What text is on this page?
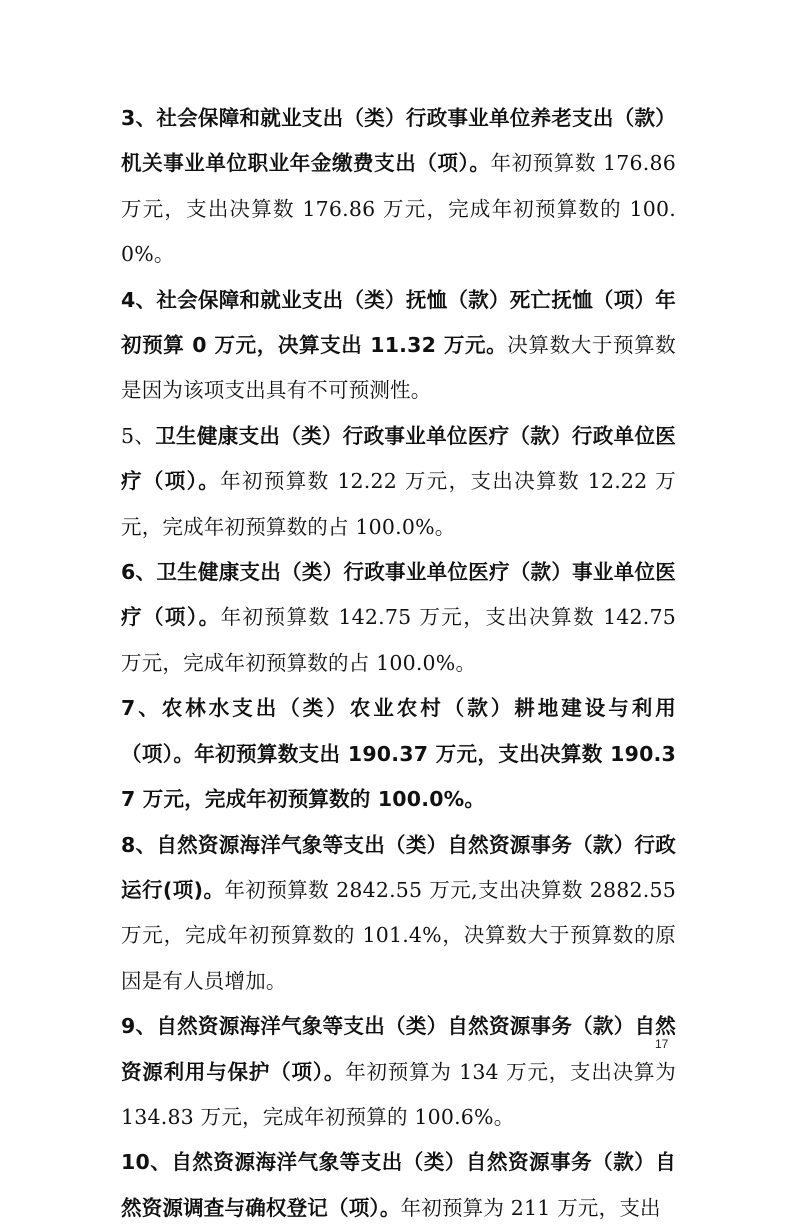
3、社会保障和就业支出（类）行政事业单位养老支出（款）机关事业单位职业年金缴费支出（项）。年初预算数 176.86 万元，支出决算数 176.86 万元，完成年初预算数的 100.0%。

4、社会保障和就业支出（类）抚恤（款）死亡抚恤（项）年初预算 0 万元，决算支出 11.32 万元。决算数大于预算数是因为该项支出具有不可预测性。

5、卫生健康支出（类）行政事业单位医疗（款）行政单位医疗（项）。年初预算数 12.22 万元，支出决算数 12.22 万元，完成年初预算数的占 100.0%。

6、卫生健康支出（类）行政事业单位医疗（款）事业单位医疗（项）。年初预算数 142.75 万元，支出决算数 142.75 万元，完成年初预算数的占 100.0%。

7、农林水支出（类）农业农村（款）耕地建设与利用（项）。年初预算数支出 190.37 万元，支出决算数 190.37 万元，完成年初预算数的 100.0%。

8、自然资源海洋气象等支出（类）自然资源事务（款）行政运行(项)。年初预算数 2842.55 万元,支出决算数 2882.55 万元，完成年初预算数的 101.4%，决算数大于预算数的原因是有人员增加。

9、自然资源海洋气象等支出（类）自然资源事务（款）自然资源利用与保护（项）。年初预算为 134 万元，支出决算为 134.83 万元，完成年初预算的 100.6%。

10、自然资源海洋气象等支出（类）自然资源事务（款）自然资源调查与确权登记（项）。年初预算为 211 万元，支出

17
